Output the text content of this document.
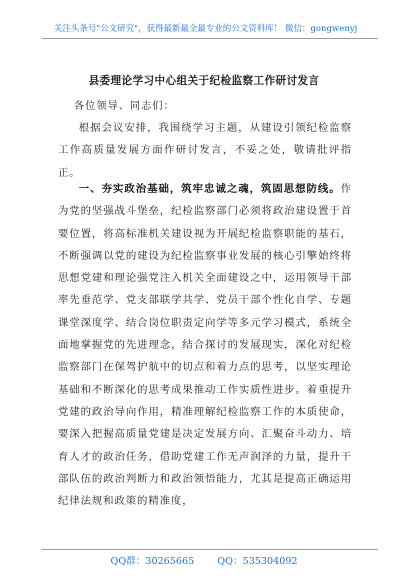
关注头条号"公文研究"，获得最新最全最专业的公文资料库！ 微信：gongwenyj
县委理论学习中心组关于纪检监察工作研讨发言
各位领导、同志们：

根据会议安排，我围绕学习主题，从建设引领纪检监察工作高质量发展方面作研讨发言，不妥之处，敬请批评指正。

一、夯实政治基础，筑牢忠诚之魂，筑固思想防线。作为党的坚强战斗堡垒，纪检监察部门必须将政治建设置于首要位置，将高标准机关建设视为开展纪检监察职能的基石，不断强调以党的建设为纪检监察事业发展的核心引擎始终将思想党建和理论强党注入机关全面建设之中，运用领导干部率先垂范学、党支部联学共学、党员干部个性化自学、专题课堂深度学、结合岗位职责定向学等多元学习模式，系统全面地掌握党的先进理念，结合探讨的发展现实，深化对纪检监察部门在保驾护航中的切点和着力点的思考，以坚实理论基础和不断深化的思考成果推动工作实质性进步。着重提升党建的政治导向作用，精准理解纪检监察工作的本质使命，要深入把握高质量党建是决定发展方向、汇聚奋斗动力、培育人才的政治任务，借助党建工作无声润泽的力量，提升干部队伍的政治判断力和政治领悟能力，尤其是提高正确运用纪律法规和政策的精准度，

QQ群：30265665 QQ：535304092
